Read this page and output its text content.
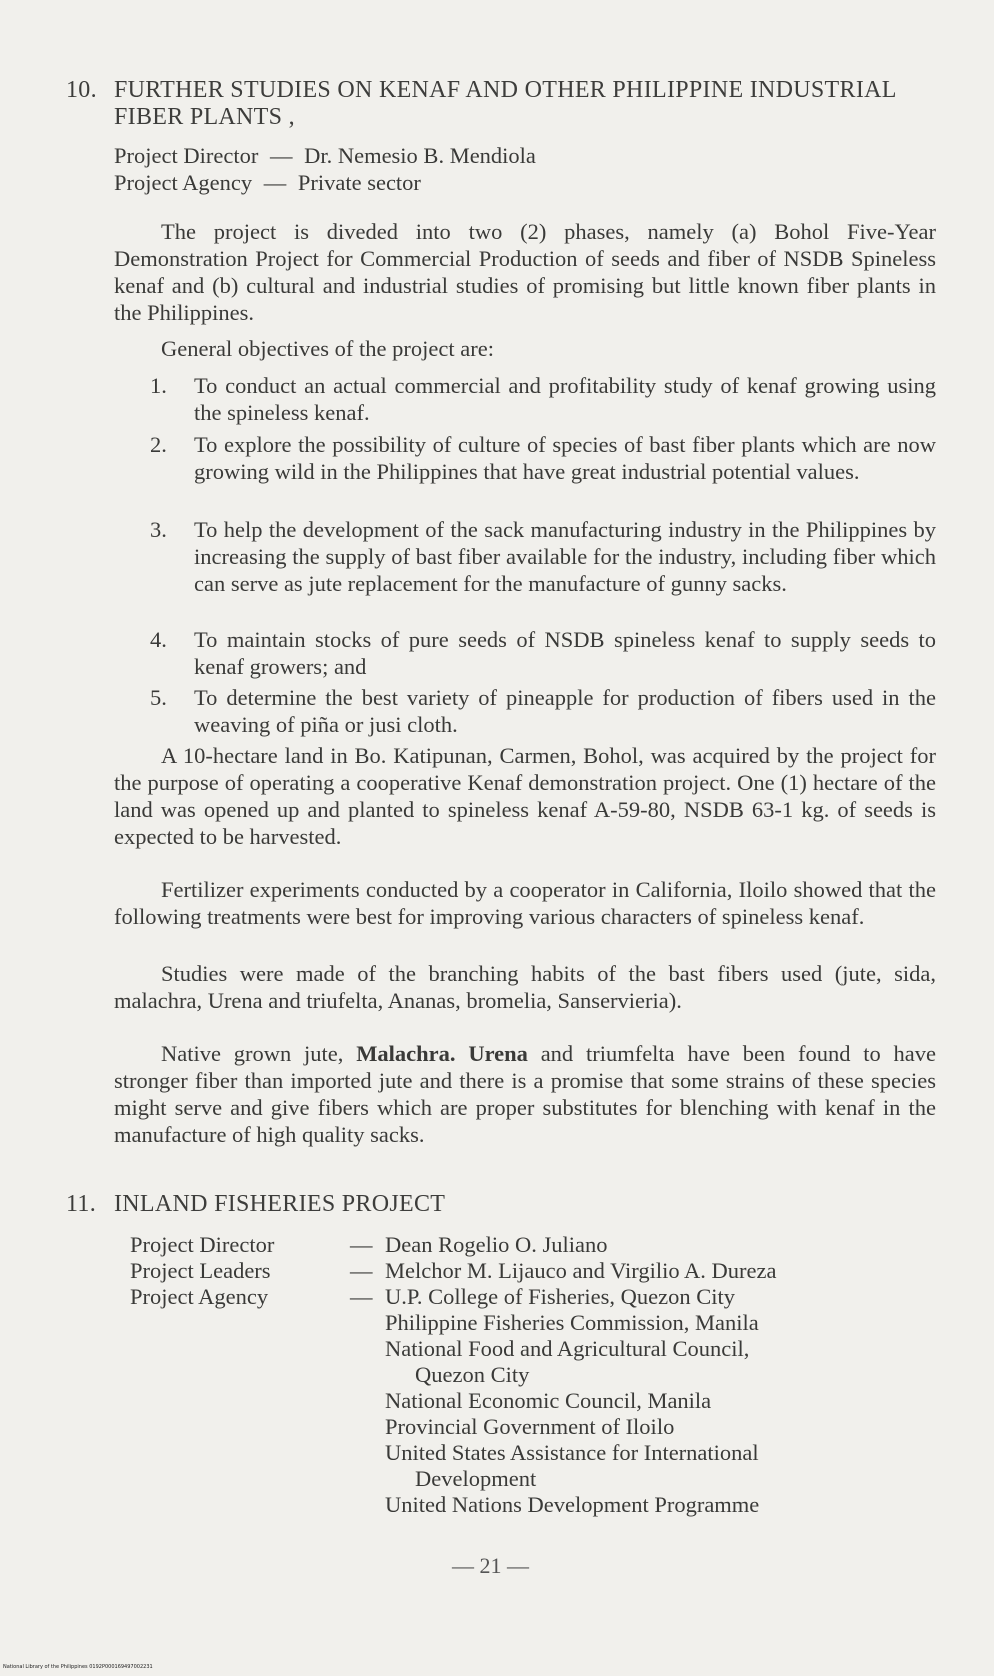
10. FURTHER STUDIES ON KENAF AND OTHER PHILIPPINE INDUSTRIAL FIBER PLANTS ,
Project Director — Dr. Nemesio B. Mendiola
Project Agency — Private sector

The project is diveded into two (2) phases, namely (a) Bohol Five-Year Demonstration Project for Commercial Production of seeds and fiber of NSDB Spineless kenaf and (b) cultural and industrial studies of promising but little known fiber plants in the Philippines.

General objectives of the project are:

1. To conduct an actual commercial and profitability study of kenaf growing using the spineless kenaf.
2. To explore the possibility of culture of species of bast fiber plants which are now growing wild in the Philippines that have great industrial potential values.
3. To help the development of the sack manufacturing industry in the Philippines by increasing the supply of bast fiber available for the industry, including fiber which can serve as jute replacement for the manufacture of gunny sacks.
4. To maintain stocks of pure seeds of NSDB spineless kenaf to supply seeds to kenaf growers; and
5. To determine the best variety of pineapple for production of fibers used in the weaving of piña or jusi cloth.

A 10-hectare land in Bo. Katipunan, Carmen, Bohol, was acquired by the project for the purpose of operating a cooperative Kenaf demonstration project. One (1) hectare of the land was opened up and planted to spineless kenaf A-59-80, NSDB 63-1 kg. of seeds is expected to be harvested.

Fertilizer experiments conducted by a cooperator in California, Iloilo showed that the following treatments were best for improving various characters of spineless kenaf.

Studies were made of the branching habits of the bast fibers used (jute, sida, malachra, Urena and triufelta, Ananas, bromelia, Sanservieria).

Native grown jute, Malachra. Urena and triumfelta have been found to have stronger fiber than imported jute and there is a promise that some strains of these species might serve and give fibers which are proper substitutes for blenching with kenaf in the manufacture of high quality sacks.

11. INLAND FISHERIES PROJECT
Project Director	— Dean Rogelio O. Juliano
Project Leaders	— Melchor M. Lijauco and Virgilio A. Dureza
Project Agency	— U.P. College of Fisheries, Quezon City
Philippine Fisheries Commission, Manila
National Food and Agricultural Council,
Quezon City
National Economic Council, Manila
Provincial Government of Iloilo
United States Assistance for International
Development
United Nations Development Programme
— 21 —
National Library of the Philippines 0192P000169497002231
